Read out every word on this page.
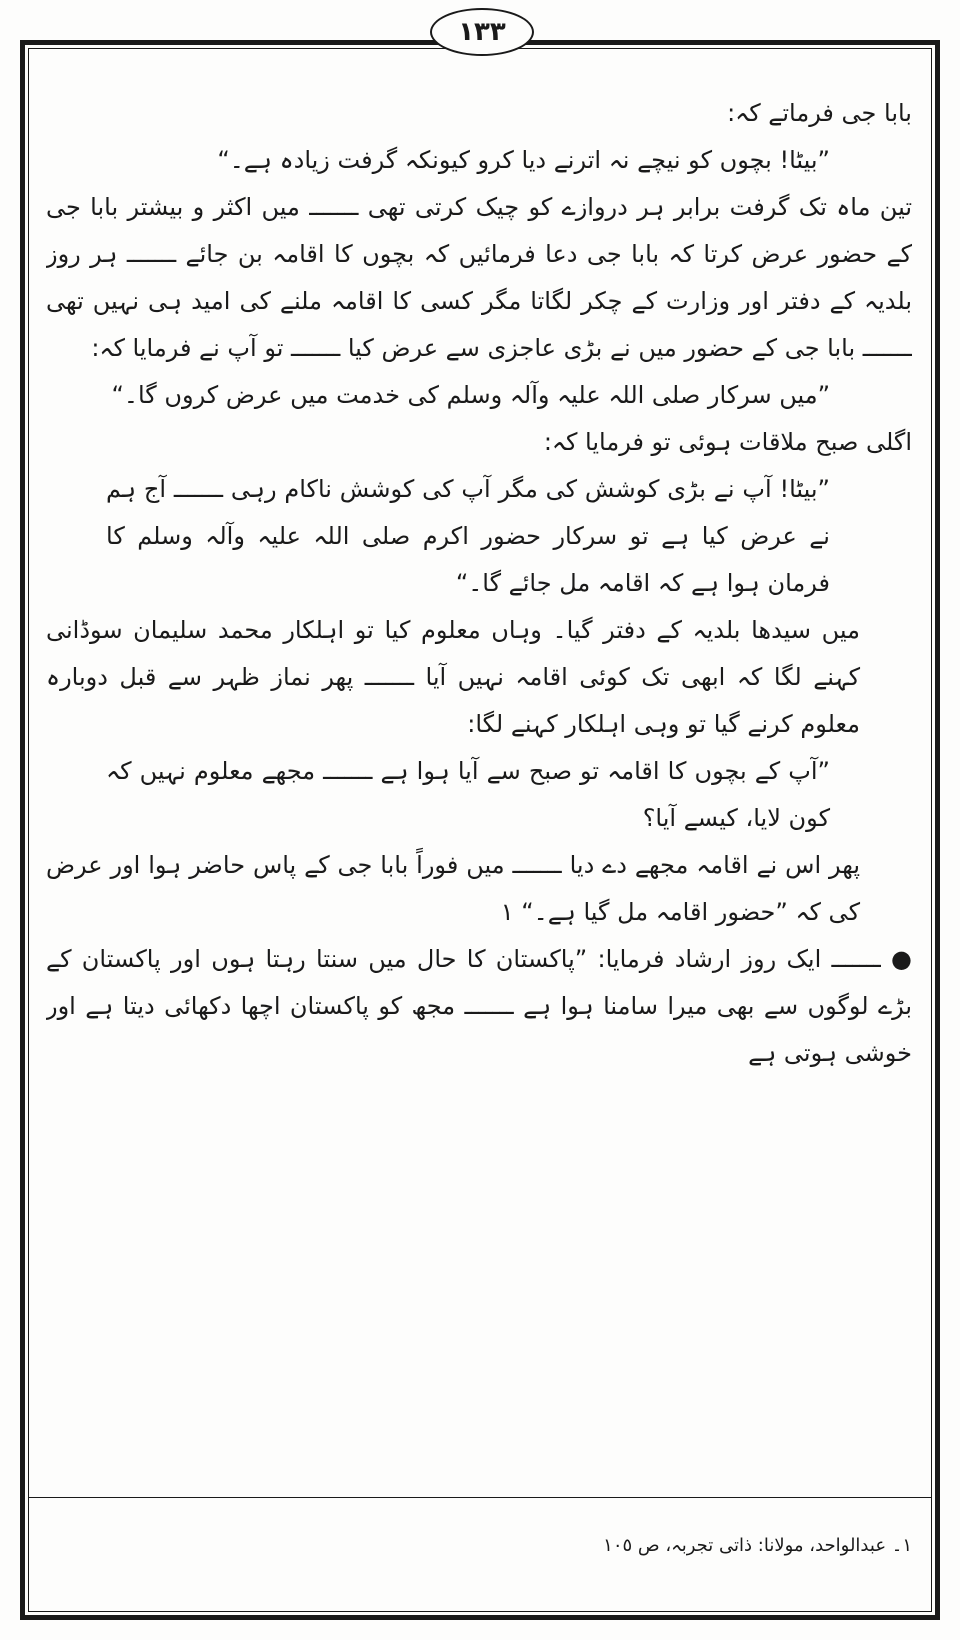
١٣٣

بابا جی فرماتے کہ:

”بیٹا! بچوں کو نیچے نہ اترنے دیا کرو کیونکہ گرفت زیادہ ہے۔“

تین ماہ تک گرفت برابر ہر دروازے کو چیک کرتی تھی ـــــــ میں اکثر و بیشتر بابا جی کے حضور عرض کرتا کہ بابا جی دعا فرمائیں کہ بچوں کا اقامہ بن جائے ـــــــ ہر روز بلدیہ کے دفتر اور وزارت کے چکر لگاتا مگر کسی کا اقامہ ملنے کی امید ہی نہیں تھی ـــــــ بابا جی کے حضور میں نے بڑی عاجزی سے عرض کیا ـــــــ تو آپ نے فرمایا کہ:

”میں سرکار صلی اللہ علیہ وآلہ وسلم کی خدمت میں عرض کروں گا۔“

اگلی صبح ملاقات ہوئی تو فرمایا کہ:

”بیٹا! آپ نے بڑی کوشش کی مگر آپ کی کوشش ناکام رہی ـــــــ آج ہم نے عرض کیا ہے تو سرکار حضور اکرم صلی اللہ علیہ وآلہ وسلم کا فرمان ہوا ہے کہ اقامہ مل جائے گا۔“

میں سیدھا بلدیہ کے دفتر گیا۔ وہاں معلوم کیا تو اہلکار محمد سلیمان سوڈانی کہنے لگا کہ ابھی تک کوئی اقامہ نہیں آیا ـــــــ پھر نماز ظہر سے قبل دوبارہ معلوم کرنے گیا تو وہی اہلکار کہنے لگا:

”آپ کے بچوں کا اقامہ تو صبح سے آیا ہوا ہے ـــــــ مجھے معلوم نہیں کہ کون لایا، کیسے آیا؟

پھر اس نے اقامہ مجھے دے دیا ـــــــ میں فوراً بابا جی کے پاس حاضر ہوا اور عرض کی کہ ”حضور اقامہ مل گیا ہے۔“ ١

● ـــــــ ایک روز ارشاد فرمایا: ”پاکستان کا حال میں سنتا رہتا ہوں اور پاکستان کے بڑے لوگوں سے بھی میرا سامنا ہوا ہے ـــــــ مجھ کو پاکستان اچھا دکھائی دیتا ہے اور خوشی ہوتی ہے

١۔ عبدالواحد، مولانا: ذاتی تجربہ، ص ١٠٥
